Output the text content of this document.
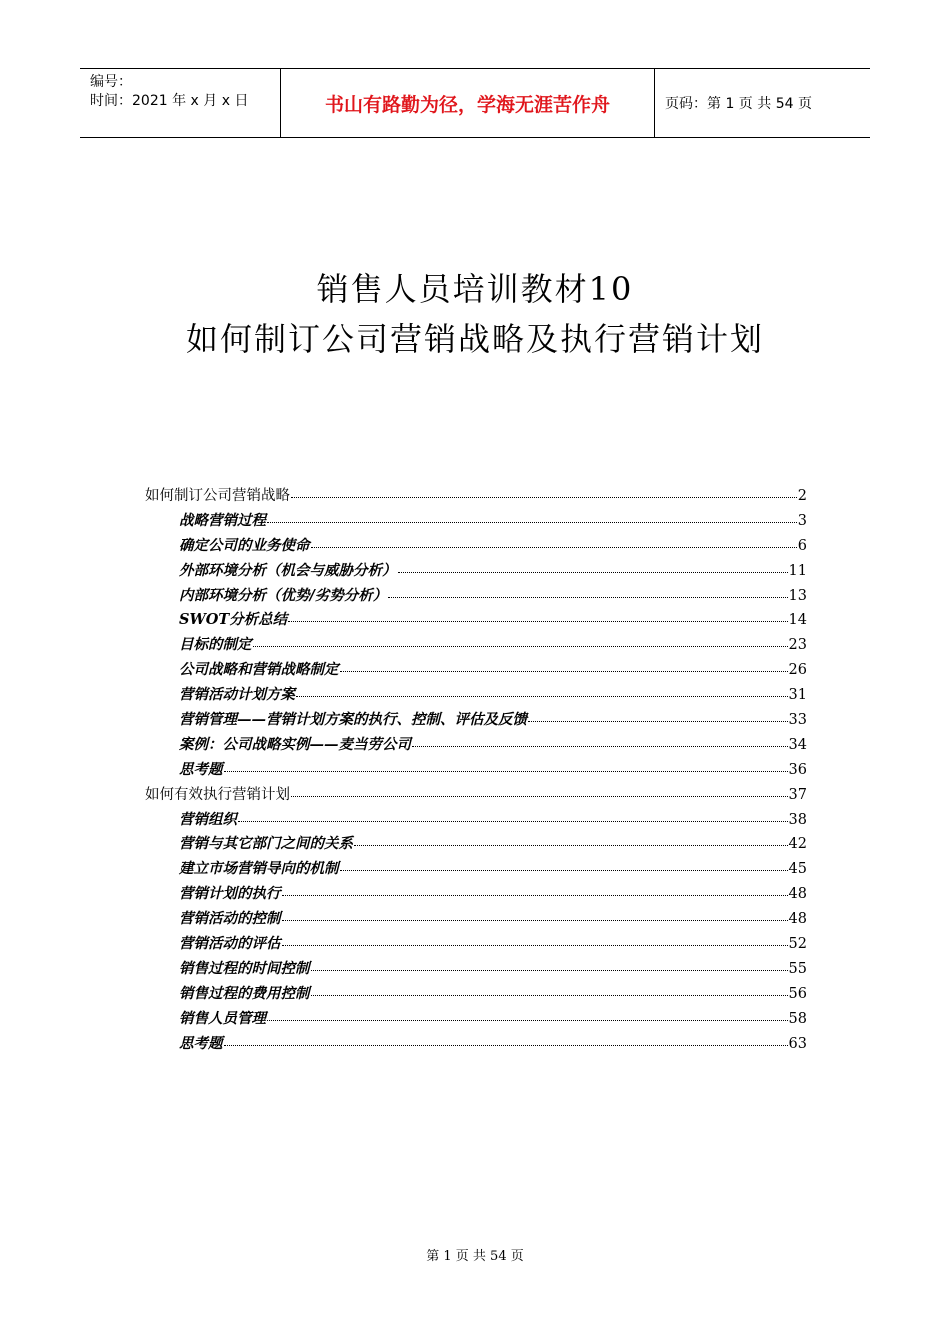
编号：
时间：2021 年 x 月 x 日	书山有路勤为径，学海无涯苦作舟	页码：第 1 页 共 54 页
销售人员培训教材10
如何制订公司营销战略及执行营销计划
如何制订公司营销战略	2
战略营销过程	3
确定公司的业务使命	6
外部环境分析（机会与威胁分析）	11
内部环境分析（优势/劣势分析）	13
SWOT分析总结	14
目标的制定	23
公司战略和营销战略制定	26
营销活动计划方案	31
营销管理——营销计划方案的执行、控制、评估及反馈	33
案例：公司战略实例——麦当劳公司	34
思考题	36
如何有效执行营销计划	37
营销组织	38
营销与其它部门之间的关系	42
建立市场营销导向的机制	45
营销计划的执行	48
营销活动的控制	48
营销活动的评估	52
销售过程的时间控制	55
销售过程的费用控制	56
销售人员管理	58
思考题	63
第 1 页 共 54 页
